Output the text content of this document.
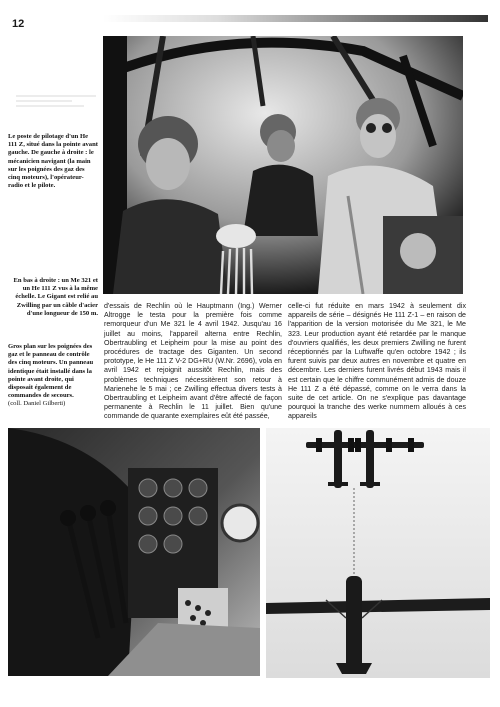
12

Le poste de pilotage d'un He 111 Z, situé dans la pointe avant gauche. De gauche à droite : le mécanicien navigant (la main sur les poignées des gaz des cinq moteurs), l'opérateur-radio et le pilote.

En bas à droite : un Me 321 et un He 111 Z vus à la même échelle. Le Gigant est relié au Zwilling par un câble d'acier d'une longueur de 150 m.

Gros plan sur les poignées des gaz et le panneau de contrôle des cinq moteurs. Un panneau identique était installé dans la pointe avant droite, qui disposait également de commandes de secours.
(coll. Daniel Gilberti)

d'essais de Rechlin où le Hauptmann (Ing.) Werner Altrogge le testa pour la première fois comme remorqueur d'un Me 321 le 4 avril 1942. Jusqu'au 16 juillet au moins, l'appareil alterna entre Rechlin, Obertraubling et Leipheim pour la mise au point des procédures de tractage des Giganten. Un second prototype, le He 111 Z V-2 DG+RU (W.Nr. 2696), vola en avril 1942 et rejoignit aussitôt Rechlin, mais des problèmes techniques nécessitèrent son retour à Marienehe le 5 mai ; ce Zwilling effectua divers tests à Obertraubling et Leipheim avant d'être affecté de façon permanente à Rechlin le 11 juillet. Bien qu'une commande de quarante exemplaires eût été passée,

celle-ci fut réduite en mars 1942 à seulement dix appareils de série – désignés He 111 Z-1 – en raison de l'apparition de la version motorisée du Me 321, le Me 323. Leur production ayant été retardée par le manque d'ouvriers qualifiés, les deux premiers Zwilling ne furent réceptionnés par la Luftwaffe qu'en octobre 1942 ; ils furent suivis par deux autres en novembre et quatre en décembre. Les derniers furent livrés début 1943 mais il est certain que le chiffre communément admis de douze He 111 Z a été dépassé, comme on le verra dans la suite de cet article. On ne s'explique pas davantage pourquoi la tranche des werke nummern alloués à ces appareils
